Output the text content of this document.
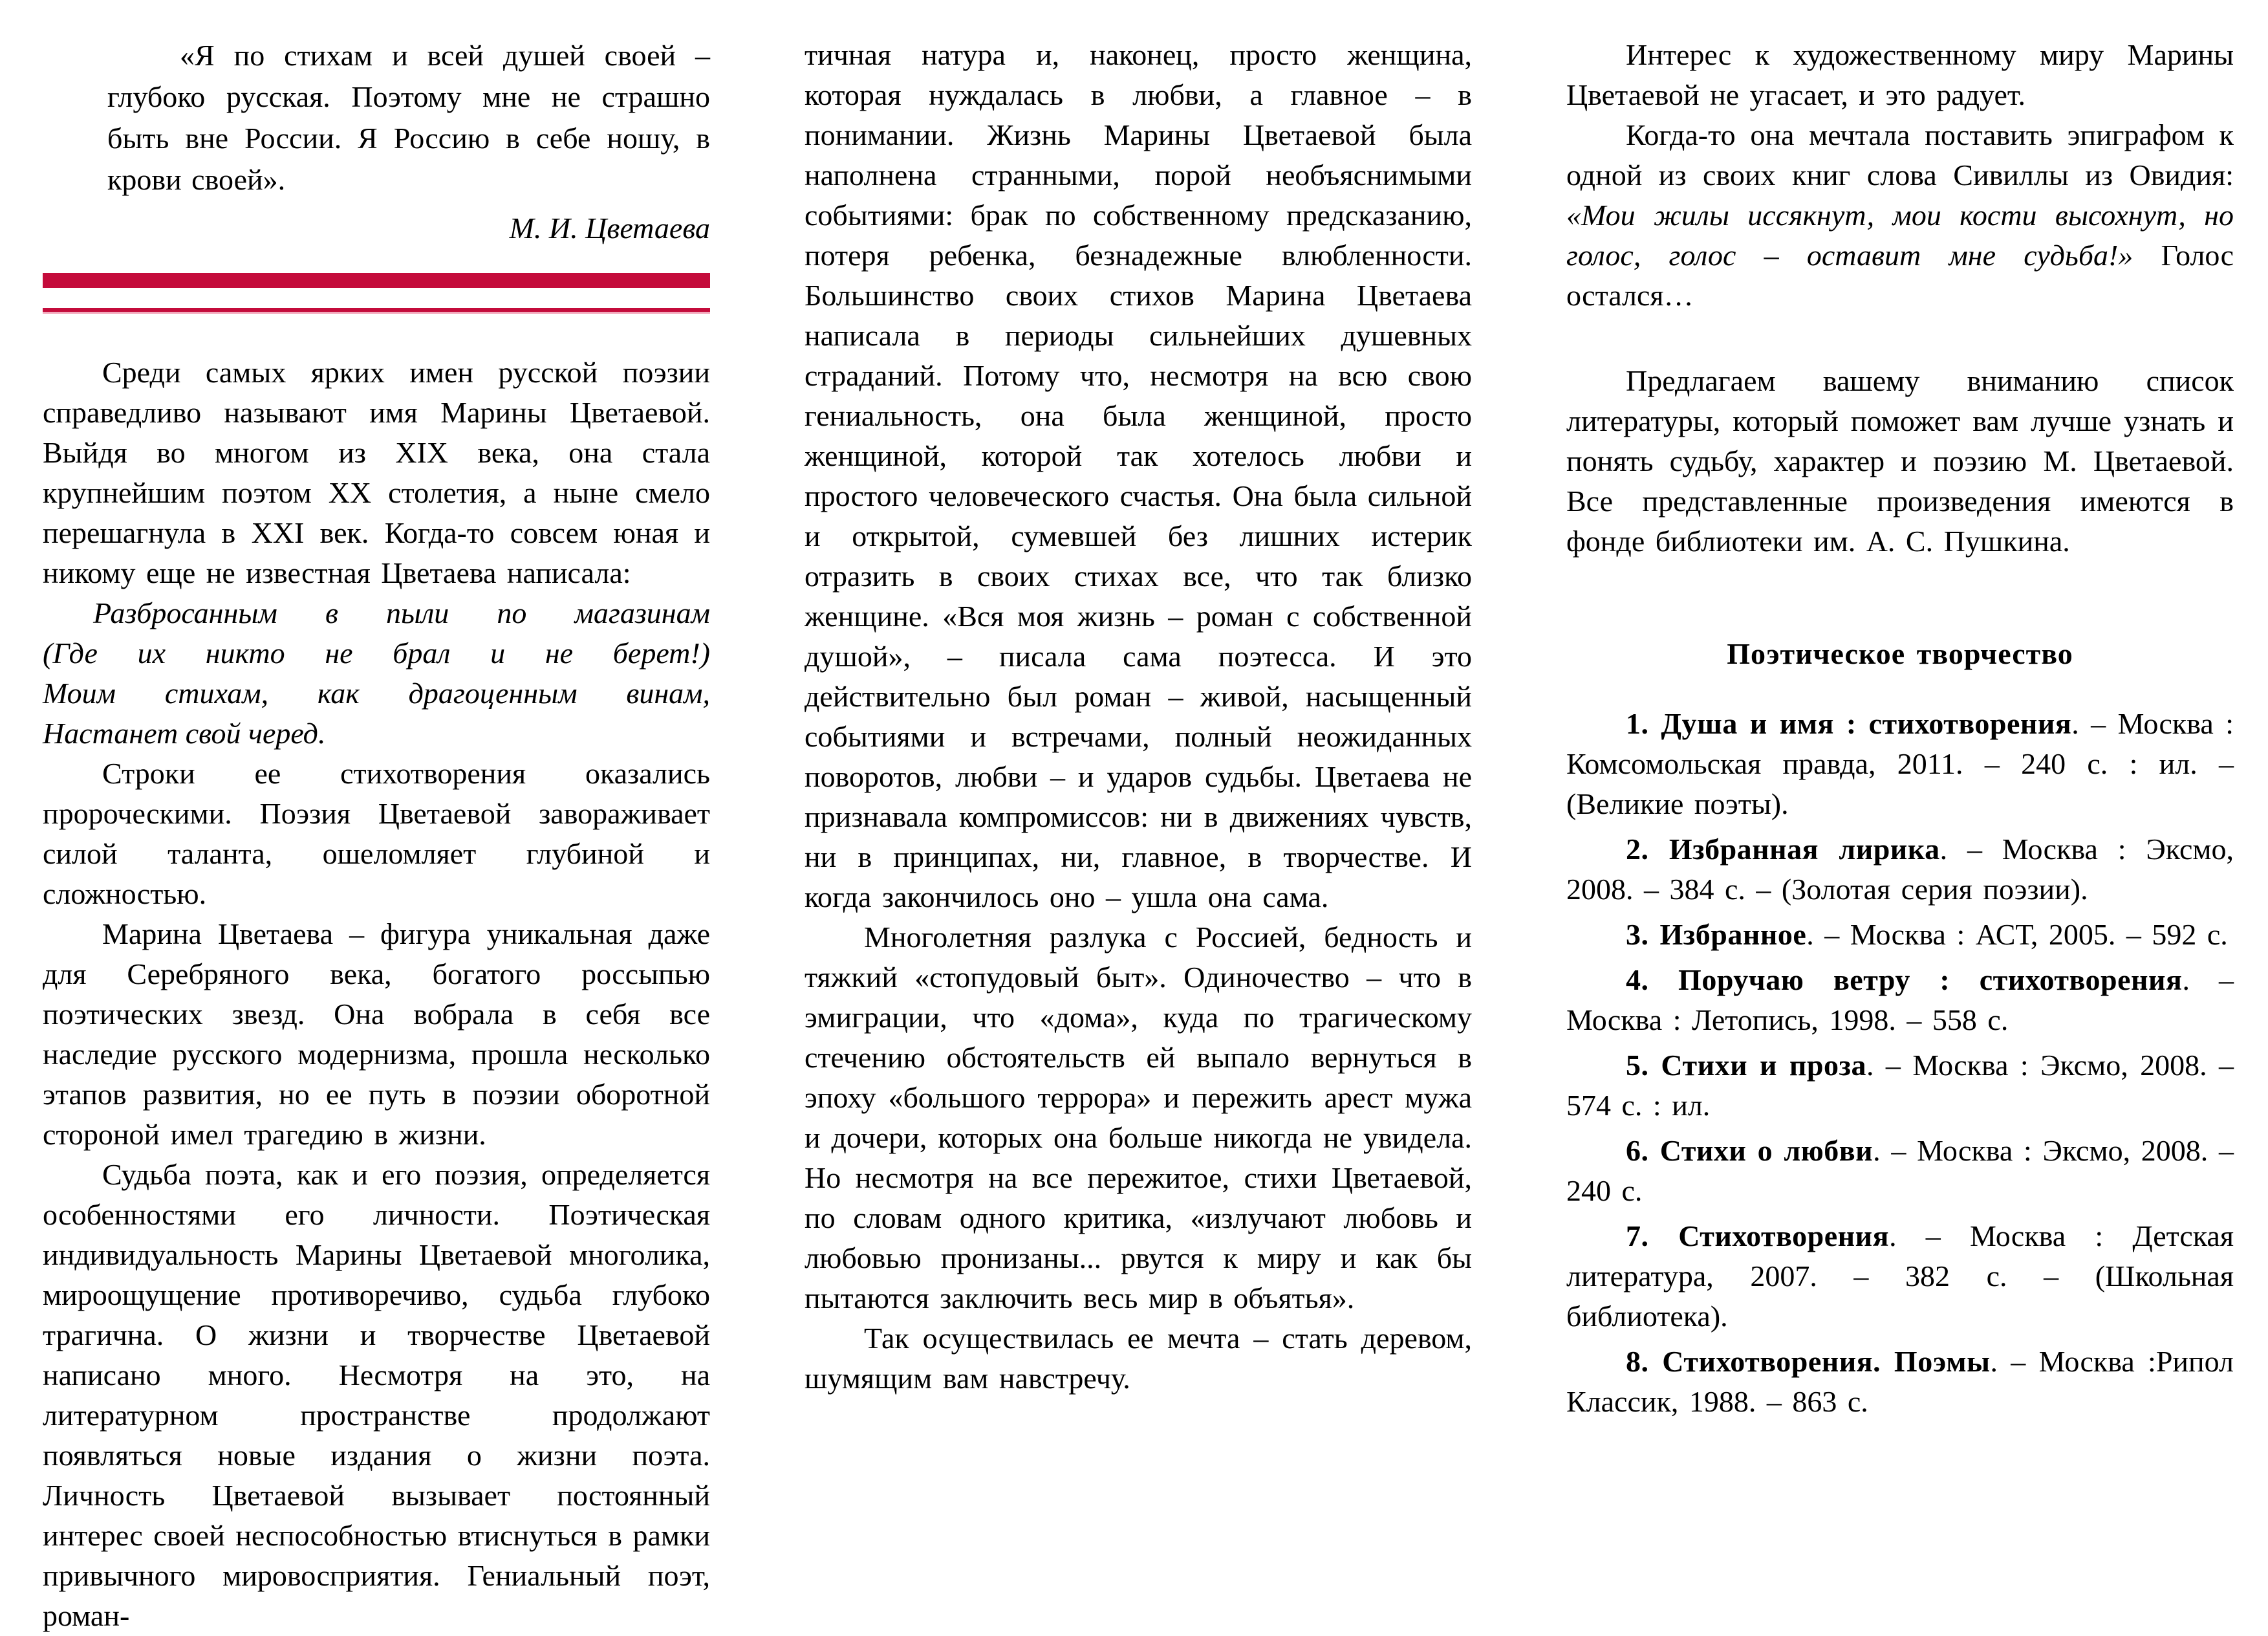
«Я по стихам и всей душей своей – глубоко русская. Поэтому мне не страшно быть вне России. Я Россию в себе ношу, в крови своей».
М. И. Цветаева

Среди самых ярких имен русской поэзии справедливо называют имя Марины Цветаевой. Выйдя во многом из XIX века, она стала крупнейшим поэтом XX столетия, а ныне смело перешагнула в XXI век. Когда-то совсем юная и никому еще не известная Цветаева написала:

Разбросанным в пыли по магазинам
(Где их никто не брал и не берет!)
Моим стихам, как драгоценным винам,
Настанет свой черед.

Строки ее стихотворения оказались пророческими. Поэзия Цветаевой завораживает силой таланта, ошеломляет глубиной и сложностью.

Марина Цветаева – фигура уникальная даже для Серебряного века, богатого россыпью поэтических звезд. Она вобрала в себя все наследие русского модернизма, прошла несколько этапов развития, но ее путь в поэзии оборотной стороной имел трагедию в жизни.

Судьба поэта, как и его поэзия, определяется особенностями его личности. Поэтическая индивидуальность Марины Цветаевой многолика, мироощущение противоречиво, судьба глубоко трагична. О жизни и творчестве Цветаевой написано много. Несмотря на это, на литературном пространстве продолжают появляться новые издания о жизни поэта. Личность Цветаевой вызывает постоянный интерес своей неспособностью втиснуться в рамки привычного мировосприятия. Гениальный поэт, роман-

тичная натура и, наконец, просто женщина, которая нуждалась в любви, а главное – в понимании. Жизнь Марины Цветаевой была наполнена странными, порой необъяснимыми событиями: брак по собственному предсказанию, потеря ребенка, безнадежные влюбленности. Большинство своих стихов Марина Цветаева написала в периоды сильнейших душевных страданий. Потому что, несмотря на всю свою гениальность, она была женщиной, просто женщиной, которой так хотелось любви и простого человеческого счастья. Она была сильной и открытой, сумевшей без лишних истерик отразить в своих стихах все, что так близко женщине. «Вся моя жизнь – роман с собственной душой», – писала сама поэтесса. И это действительно был роман – живой, насыщенный событиями и встречами, полный неожиданных поворотов, любви – и ударов судьбы. Цветаева не признавала компромиссов: ни в движениях чувств, ни в принципах, ни, главное, в творчестве. И когда закончилось оно – ушла она сама.

Многолетняя разлука с Россией, бедность и тяжкий «стопудовый быт». Одиночество – что в эмиграции, что «дома», куда по трагическому стечению обстоятельств ей выпало вернуться в эпоху «большого террора» и пережить арест мужа и дочери, которых она больше никогда не увидела. Но несмотря на все пережитое, стихи Цветаевой, по словам одного критика, «излучают любовь и любовью пронизаны... рвутся к миру и как бы пытаются заключить весь мир в объятья».

Так осуществилась ее мечта – стать деревом, шумящим вам навстречу.

Интерес к художественному миру Марины Цветаевой не угасает, и это радует.

Когда-то она мечтала поставить эпиграфом к одной из своих книг слова Сивиллы из Овидия: «Мои жилы иссякнут, мои кости высохнут, но голос, голос – оставит мне судьба!» Голос остался…

Предлагаем вашему вниманию список литературы, который поможет вам лучше узнать и понять судьбу, характер и поэзию М. Цветаевой. Все представленные произведения имеются в фонде библиотеки им. А. С. Пушкина.

Поэтическое творчество

1. Душа и имя : стихотворения. – Москва : Комсомольская правда, 2011. – 240 с. : ил. – (Великие поэты).

2. Избранная лирика. – Москва : Эксмо, 2008. – 384 с. – (Золотая серия поэзии).

3. Избранное. – Москва : АСТ, 2005. – 592 с.

4. Поручаю ветру : стихотворения. – Москва : Летопись, 1998. – 558 с.

5. Стихи и проза. – Москва : Эксмо, 2008. – 574 с. : ил.

6. Стихи о любви. – Москва : Эксмо, 2008. – 240 с.

7. Стихотворения. – Москва : Детская литература, 2007. – 382 с. – (Школьная библиотека).

8. Стихотворения. Поэмы. – Москва :Рипол Классик, 1988. – 863 с.
